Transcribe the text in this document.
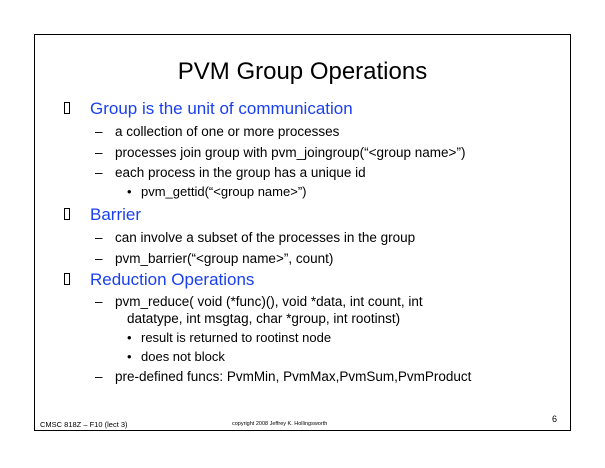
PVM Group Operations
Group is the unit of communication
– a collection of one or more processes
– processes join group with pvm_joingroup(“<group name>”)
– each process in the group has a unique id
• pvm_gettid(“<group name>”)
Barrier
– can involve a subset of the processes in the group
– pvm_barrier(“<group name>”, count)
Reduction Operations
– pvm_reduce( void (*func)(), void *data, int count, int
datatype, int msgtag, char *group, int rootinst)
• result is returned to rootinst node
• does not block
– pre-defined funcs: PvmMin, PvmMax,PvmSum,PvmProduct
CMSC 818Z – F10 (lect 3)	copyright 2008 Jeffrey K. Hollingsworth	6
